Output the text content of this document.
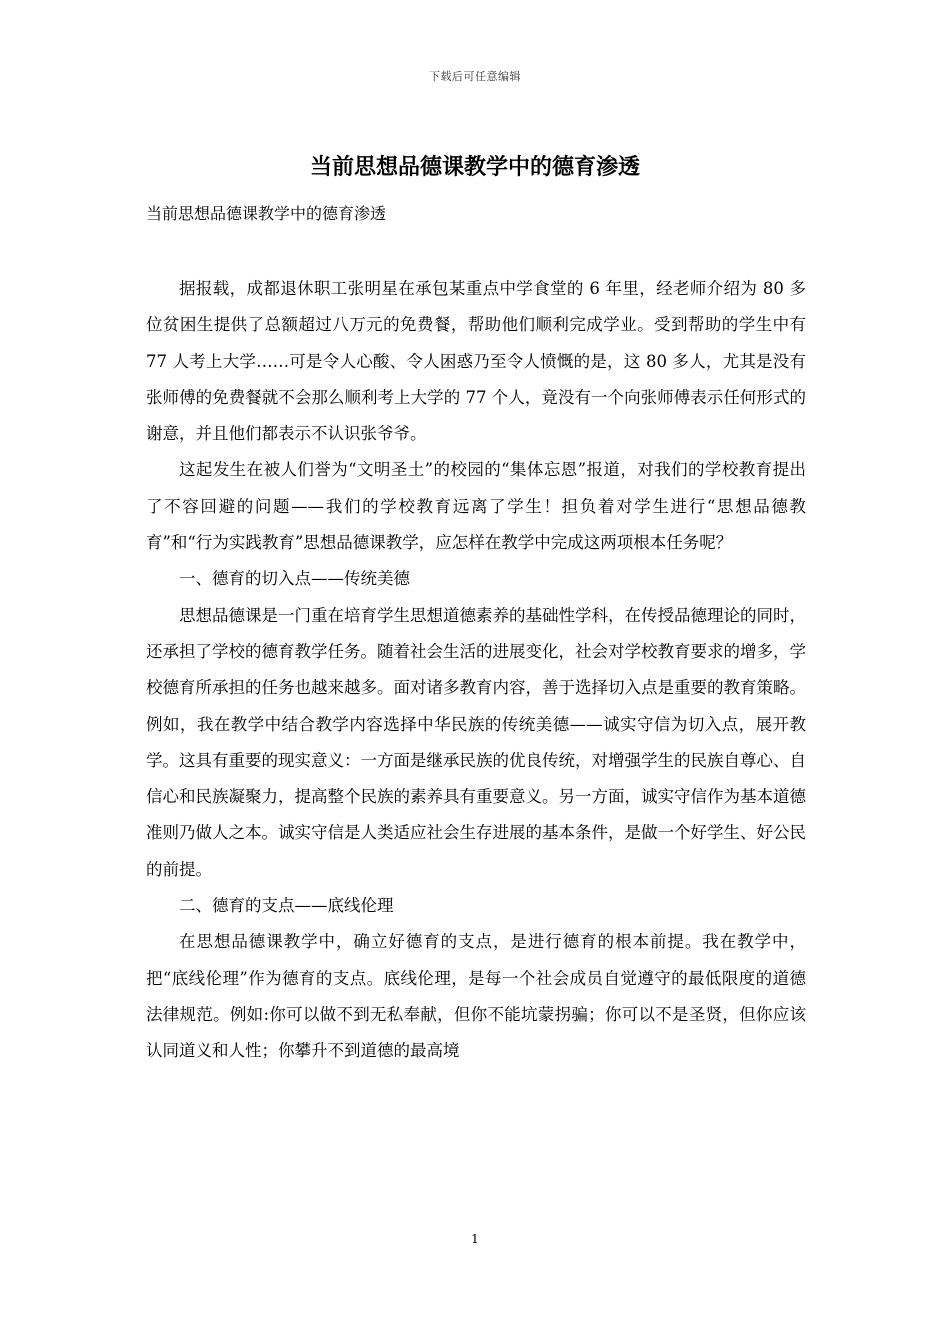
下载后可任意编辑
当前思想品德课教学中的德育渗透

当前思想品德课教学中的德育渗透

据报载，成都退休职工张明星在承包某重点中学食堂的 6 年里，经老师介绍为 80 多位贫困生提供了总额超过八万元的免费餐，帮助他们顺利完成学业。受到帮助的学生中有 77 人考上大学……可是令人心酸、令人困惑乃至令人愤慨的是，这 80 多人，尤其是没有张师傅的免费餐就不会那么顺利考上大学的 77 个人，竟没有一个向张师傅表示任何形式的谢意，并且他们都表示不认识张爷爷。

这起发生在被人们誉为“文明圣土”的校园的“集体忘恩”报道，对我们的学校教育提出了不容回避的问题——我们的学校教育远离了学生！担负着对学生进行“思想品德教育”和“行为实践教育”思想品德课教学，应怎样在教学中完成这两项根本任务呢？

一、德育的切入点——传统美德

思想品德课是一门重在培育学生思想道德素养的基础性学科，在传授品德理论的同时，还承担了学校的德育教学任务。随着社会生活的进展变化，社会对学校教育要求的增多，学校德育所承担的任务也越来越多。面对诸多教育内容，善于选择切入点是重要的教育策略。例如，我在教学中结合教学内容选择中华民族的传统美德——诚实守信为切入点，展开教学。这具有重要的现实意义：一方面是继承民族的优良传统，对增强学生的民族自尊心、自信心和民族凝聚力，提高整个民族的素养具有重要意义。另一方面，诚实守信作为基本道德准则乃做人之本。诚实守信是人类适应社会生存进展的基本条件，是做一个好学生、好公民的前提。

二、德育的支点——底线伦理

在思想品德课教学中，确立好德育的支点，是进行德育的根本前提。我在教学中，把“底线伦理”作为德育的支点。底线伦理，是每一个社会成员自觉遵守的最低限度的道德法律规范。例如:你可以做不到无私奉献，但你不能坑蒙拐骗；你可以不是圣贤，但你应该认同道义和人性；你攀升不到道德的最高境

1
